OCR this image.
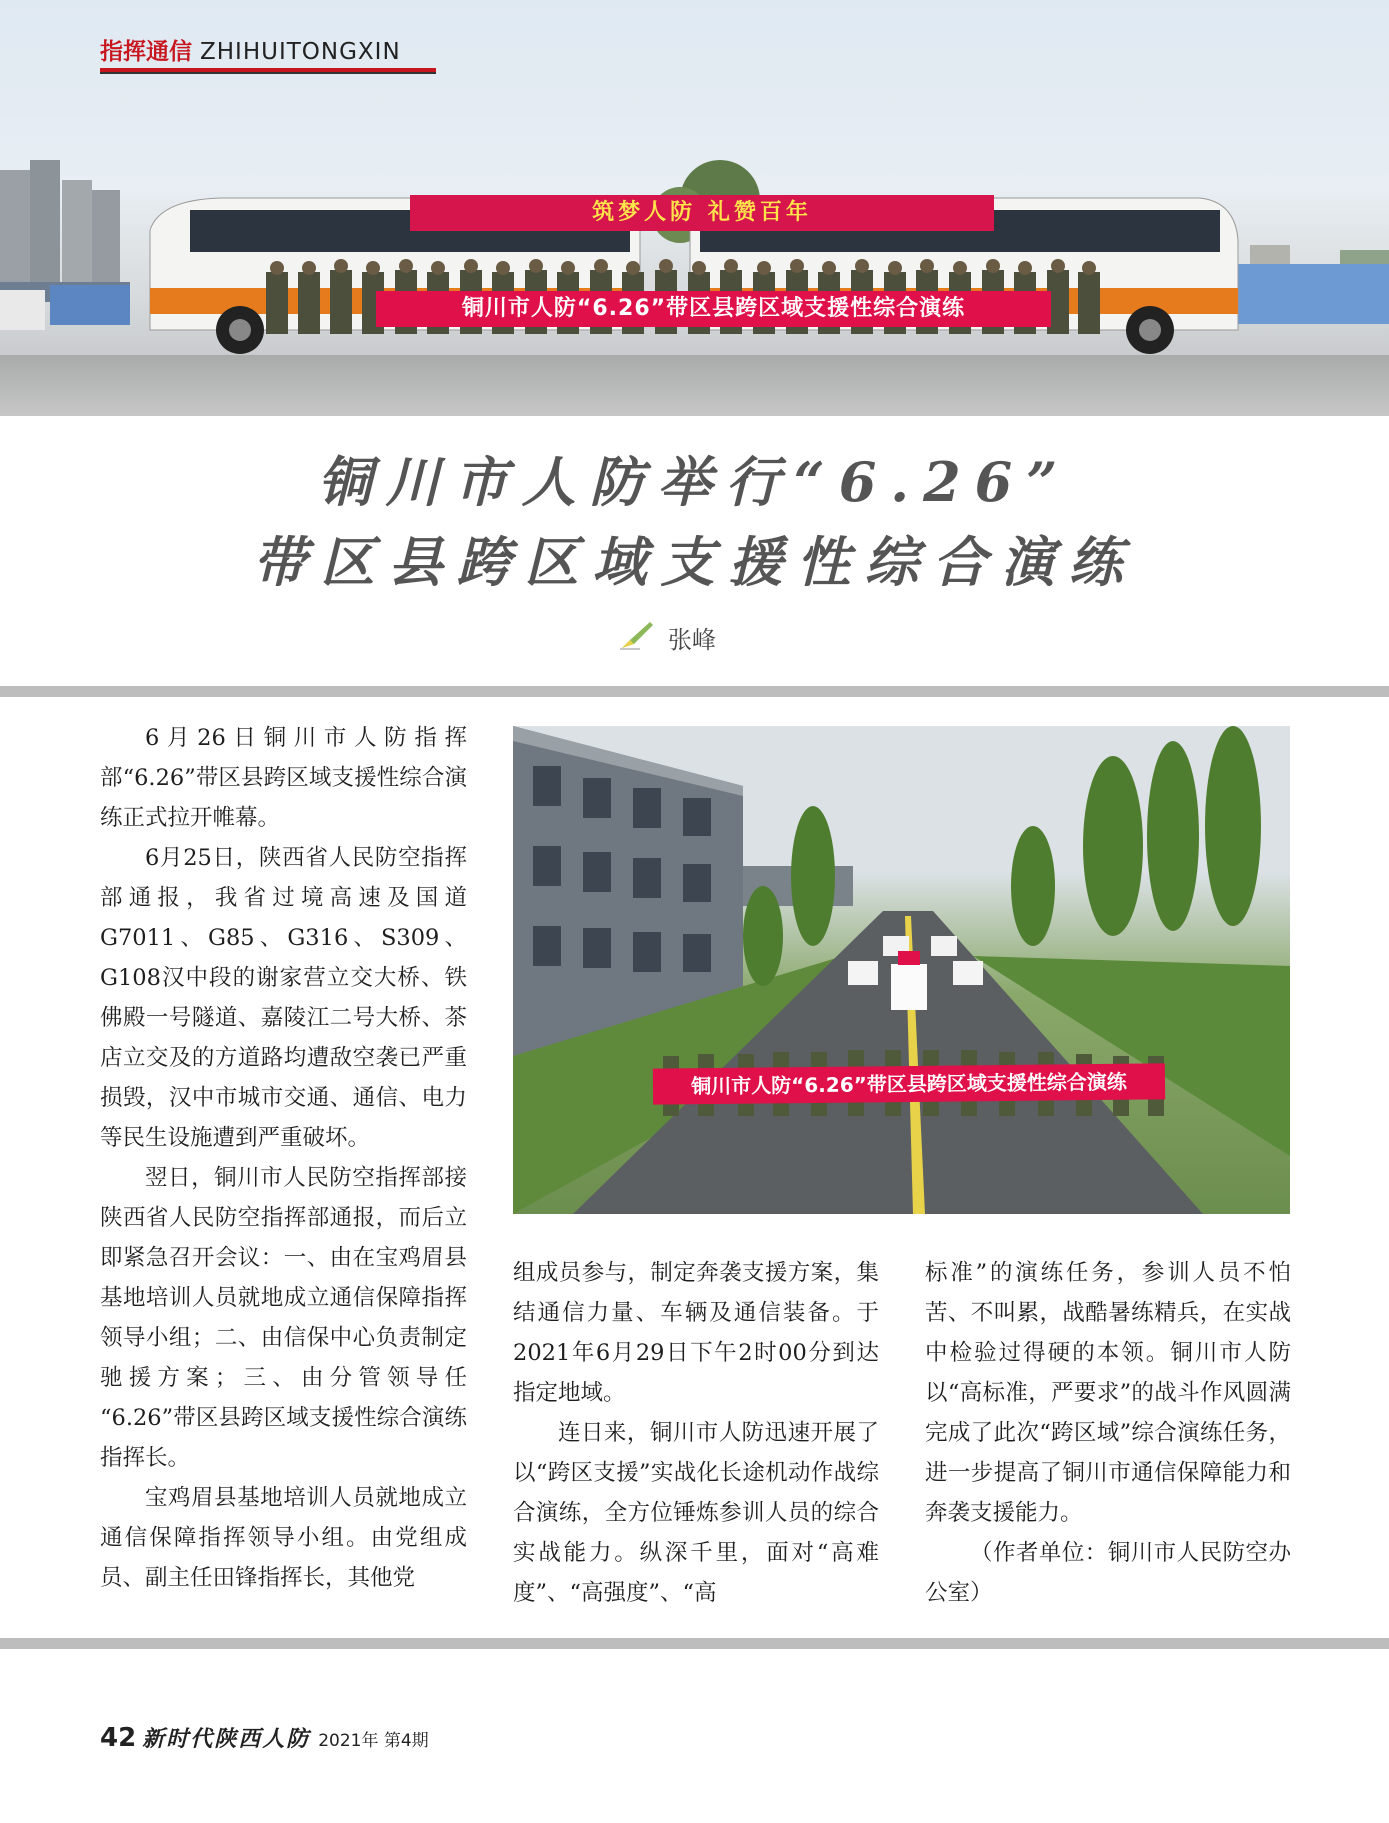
筑梦人防 礼赞百年
铜川市人防“6.26”带区县跨区域支援性综合演练
指挥通信 ZHIHUITONGXIN
铜川市人防举行“6.26”
带区县跨区域支援性综合演练
张峰

6月26日铜川市人防指挥部“6.26”带区县跨区域支援性综合演练正式拉开帷幕。

6月25日，陕西省人民防空指挥部通报，我省过境高速及国道G7011、G85、G316、S309、G108汉中段的谢家营立交大桥、铁佛殿一号隧道、嘉陵江二号大桥、茶店立交及的方道路均遭敌空袭已严重损毁，汉中市城市交通、通信、电力等民生设施遭到严重破坏。

翌日，铜川市人民防空指挥部接陕西省人民防空指挥部通报，而后立即紧急召开会议：一、由在宝鸡眉县基地培训人员就地成立通信保障指挥领导小组；二、由信保中心负责制定驰援方案；三、由分管领导任 “6.26”带区县跨区域支援性综合演练指挥长。

宝鸡眉县基地培训人员就地成立通信保障指挥领导小组。由党组成员、副主任田锋指挥长，其他党

铜川市人防“6.26”带区县跨区域支援性综合演练

组成员参与，制定奔袭支援方案，集结通信力量、车辆及通信装备。于2021年6月29日下午2时00分到达指定地域。

连日来，铜川市人防迅速开展了以“跨区支援”实战化长途机动作战综合演练，全方位锤炼参训人员的综合实战能力。纵深千里，面对“高难度”、“高强度”、“高

标准”的演练任务，参训人员不怕苦、不叫累，战酷暑练精兵，在实战中检验过得硬的本领。铜川市人防以“高标准，严要求”的战斗作风圆满完成了此次“跨区域”综合演练任务，进一步提高了铜川市通信保障能力和奔袭支援能力。

（作者单位：铜川市人民防空办公室）

42 新时代陕西人防 2021年 第4期
